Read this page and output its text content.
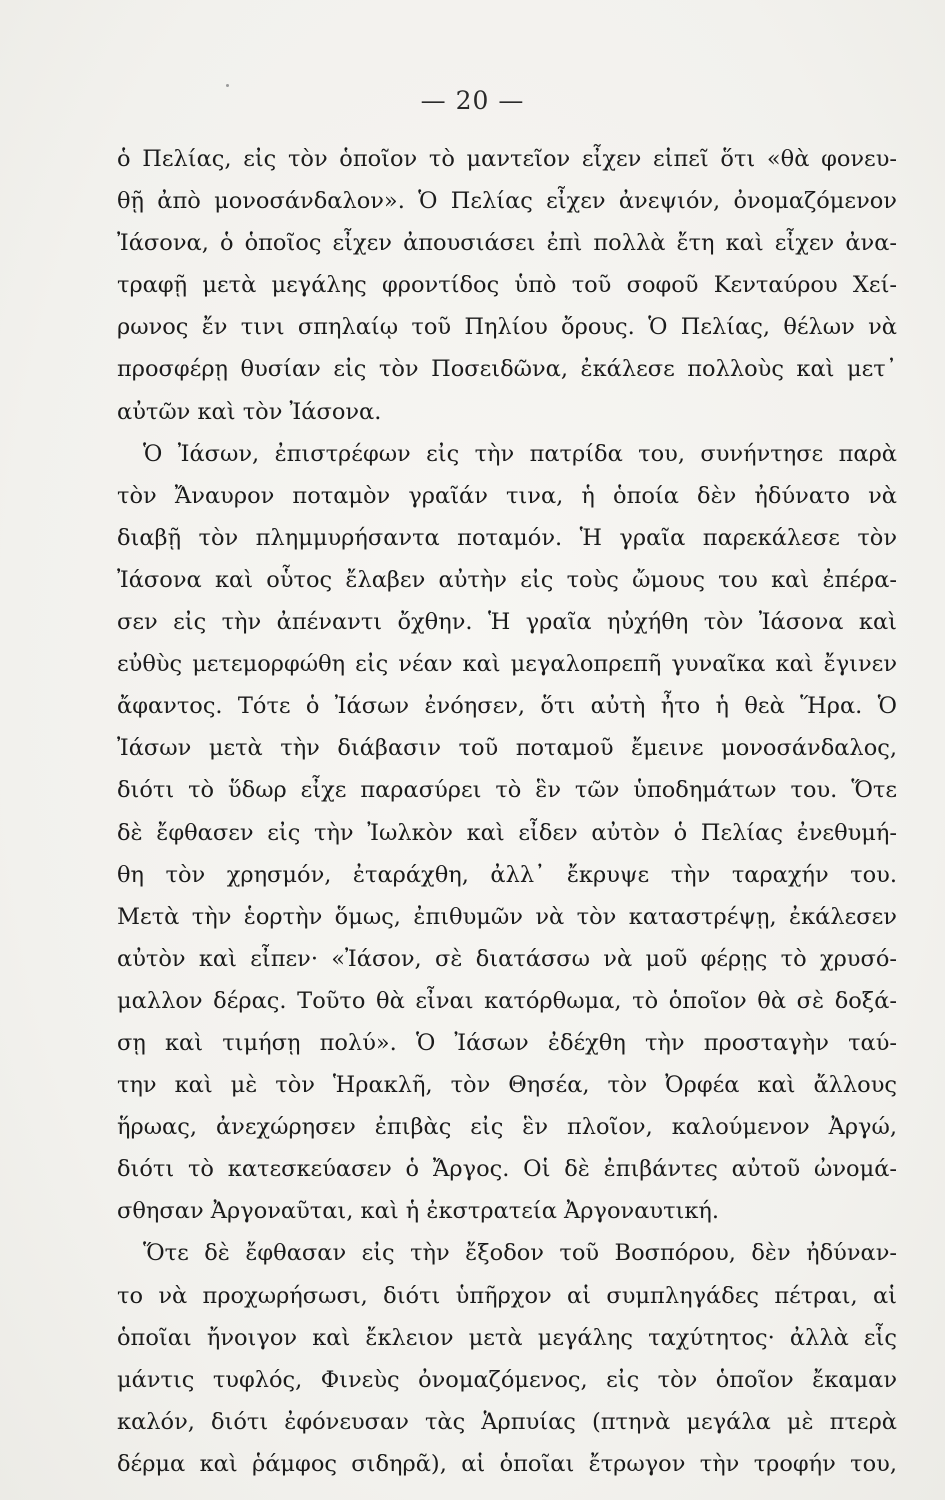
— 20 —
ὁ Πελίας, εἰς τὸν ὁποῖον τὸ μαντεῖον εἶχεν εἰπεῖ ὅτι «θὰ φονευ-
θῇ ἀπὸ μονοσάνδαλον». Ὁ Πελίας εἶχεν ἀνεψιόν, ὀνομαζόμενον
Ἰάσονα, ὁ ὁποῖος εἶχεν ἀπουσιάσει ἐπὶ πολλὰ ἔτη καὶ εἶχεν ἀνα-
τραφῇ μετὰ μεγάλης φροντίδος ὑπὸ τοῦ σοφοῦ Κενταύρου Χεί-
ρωνος ἔν τινι σπηλαίῳ τοῦ Πηλίου ὄρους. Ὁ Πελίας, θέλων νὰ
προσφέρῃ θυσίαν εἰς τὸν Ποσειδῶνα, ἐκάλεσε πολλοὺς καὶ μετ᾽
αὐτῶν καὶ τὸν Ἰάσονα.
Ὁ Ἰάσων, ἐπιστρέφων εἰς τὴν πατρίδα του, συνήντησε παρὰ
τὸν Ἄναυρον ποταμὸν γραῖάν τινα, ἡ ὁποία δὲν ἠδύνατο νὰ
διαβῇ τὸν πλημμυρήσαντα ποταμόν. Ἡ γραῖα παρεκάλεσε τὸν
Ἰάσονα καὶ οὗτος ἔλαβεν αὐτὴν εἰς τοὺς ὤμους του καὶ ἐπέρα-
σεν εἰς τὴν ἀπέναντι ὄχθην. Ἡ γραῖα ηὐχήθη τὸν Ἰάσονα καὶ
εὐθὺς μετεμορφώθη εἰς νέαν καὶ μεγαλοπρεπῆ γυναῖκα καὶ ἔγινεν
ἄφαντος. Τότε ὁ Ἰάσων ἐνόησεν, ὅτι αὐτὴ ἦτο ἡ θεὰ Ἥρα. Ὁ
Ἰάσων μετὰ τὴν διάβασιν τοῦ ποταμοῦ ἔμεινε μονοσάνδαλος,
διότι τὸ ὕδωρ εἶχε παρασύρει τὸ ἓν τῶν ὑποδημάτων του. Ὅτε
δὲ ἔφθασεν εἰς τὴν Ἰωλκὸν καὶ εἶδεν αὐτὸν ὁ Πελίας ἐνεθυμή-
θη τὸν χρησμόν, ἐταράχθη, ἀλλ᾽ ἔκρυψε τὴν ταραχήν του.
Μετὰ τὴν ἑορτὴν ὅμως, ἐπιθυμῶν νὰ τὸν καταστρέψῃ, ἐκάλεσεν
αὐτὸν καὶ εἶπεν· «Ἰάσον, σὲ διατάσσω νὰ μοῦ φέρῃς τὸ χρυσό-
μαλλον δέρας. Τοῦτο θὰ εἶναι κατόρθωμα, τὸ ὁποῖον θὰ σὲ δοξά-
σῃ καὶ τιμήσῃ πολύ». Ὁ Ἰάσων ἐδέχθη τὴν προσταγὴν ταύ-
την καὶ μὲ τὸν Ἡρακλῆ, τὸν Θησέα, τὸν Ὀρφέα καὶ ἄλλους
ἥρωας, ἀνεχώρησεν ἐπιβὰς εἰς ἓν πλοῖον, καλούμενον Ἀργώ,
διότι τὸ κατεσκεύασεν ὁ Ἄργος. Οἱ δὲ ἐπιβάντες αὐτοῦ ὠνομά-
σθησαν Ἀργοναῦται, καὶ ἡ ἐκστρατεία Ἀργοναυτική.
Ὅτε δὲ ἔφθασαν εἰς τὴν ἔξοδον τοῦ Βοσπόρου, δὲν ἠδύναν-
το νὰ προχωρήσωσι, διότι ὑπῆρχον αἱ συμπληγάδες πέτραι, αἱ
ὁποῖαι ἤνοιγον καὶ ἔκλειον μετὰ μεγάλης ταχύτητος· ἀλλὰ εἷς
μάντις τυφλός, Φινεὺς ὀνομαζόμενος, εἰς τὸν ὁποῖον ἔκαμαν
καλόν, διότι ἐφόνευσαν τὰς Ἁρπυίας (πτηνὰ μεγάλα μὲ πτερὰ
δέρμα καὶ ῥάμφος σιδηρᾶ), αἱ ὁποῖαι ἔτρωγον τὴν τροφήν του,
